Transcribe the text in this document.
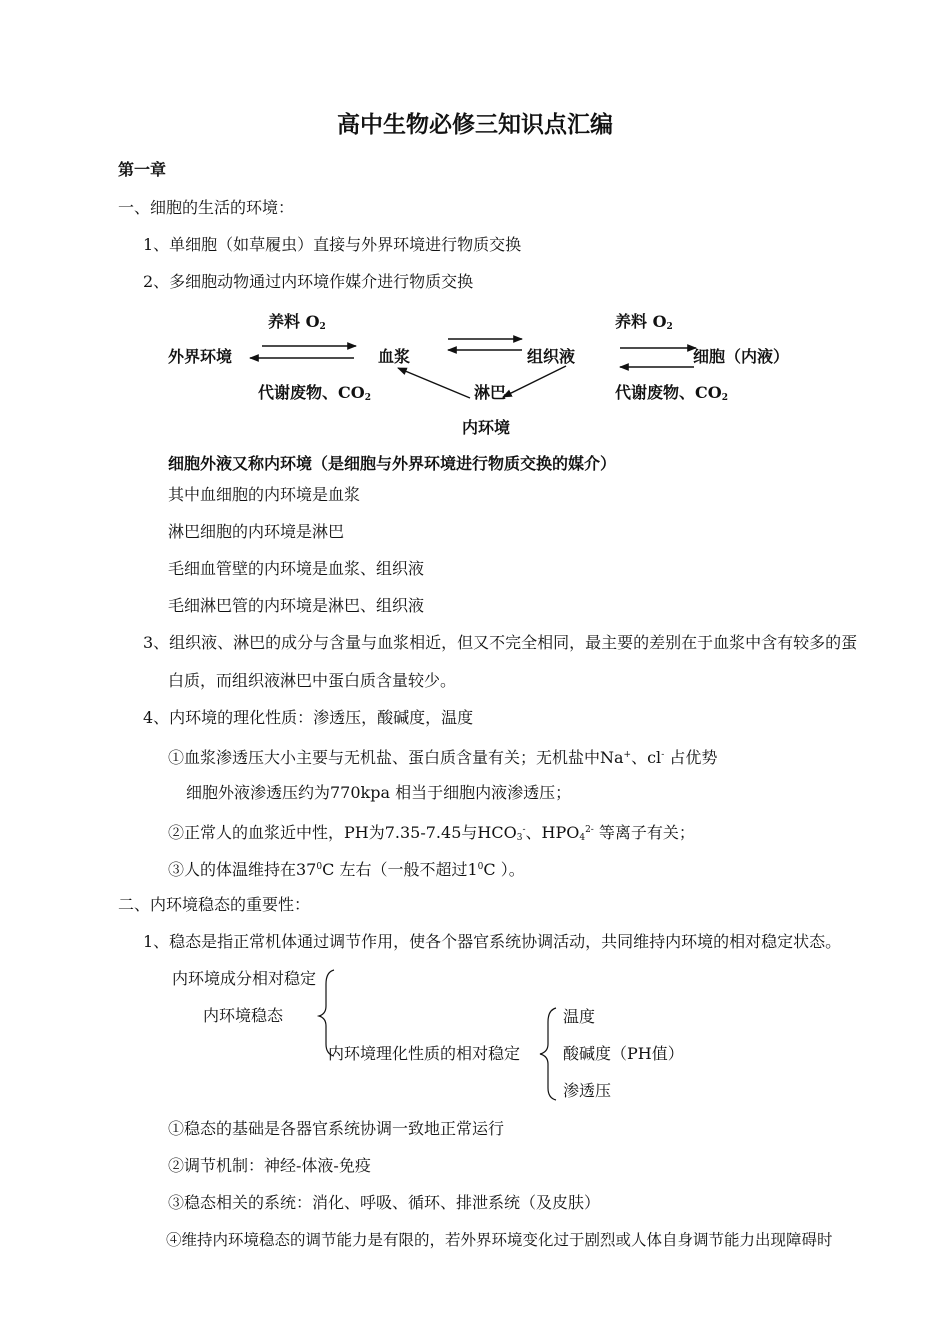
高中生物必修三知识点汇编
第一章
一、细胞的生活的环境：
1、单细胞（如草履虫）直接与外界环境进行物质交换
2、多细胞动物通过内环境作媒介进行物质交换
养料 $O_2$
外界环境
代谢废物、$CO_2$
血浆	组织液
淋巴
内环境
养料 $O_2$
细胞（内液）
代谢废物、$CO_2$
细胞外液又称内环境（是细胞与外界环境进行物质交换的媒介）
其中血细胞的内环境是血浆
淋巴细胞的内环境是淋巴
毛细血管壁的内环境是血浆、组织液
毛细淋巴管的内环境是淋巴、组织液
3、组织液、淋巴的成分与含量与血浆相近，但又不完全相同，最主要的差别在于血浆中含有较多的蛋
白质，而组织液淋巴中蛋白质含量较少。
4、内环境的理化性质：渗透压，酸碱度，温度
①血浆渗透压大小主要与无机盐、蛋白质含量有关；无机盐中Na+、cl- 占优势
细胞外液渗透压约为770kpa 相当于细胞内液渗透压；
②正常人的血浆近中性，PH为7.35-7.45与$HCO_3^-$、$HPO_4^{2-}$ 等离子有关；
③人的体温维持在$37^0C$ 左右（一般不超过$1^0C$ ）。
二、内环境稳态的重要性：
1、稳态是指正常机体通过调节作用，使各个器官系统协调活动，共同维持内环境的相对稳定状态。
内环境成分相对稳定
内环境稳态
内环境理化性质的相对稳定
温度
酸碱度（PH值）
渗透压
①稳态的基础是各器官系统协调一致地正常运行
②调节机制：神经-体液-免疫
③稳态相关的系统：消化、呼吸、循环、排泄系统（及皮肤）
④维持内环境稳态的调节能力是有限的，若外界环境变化过于剧烈或人体自身调节能力出现障碍时
